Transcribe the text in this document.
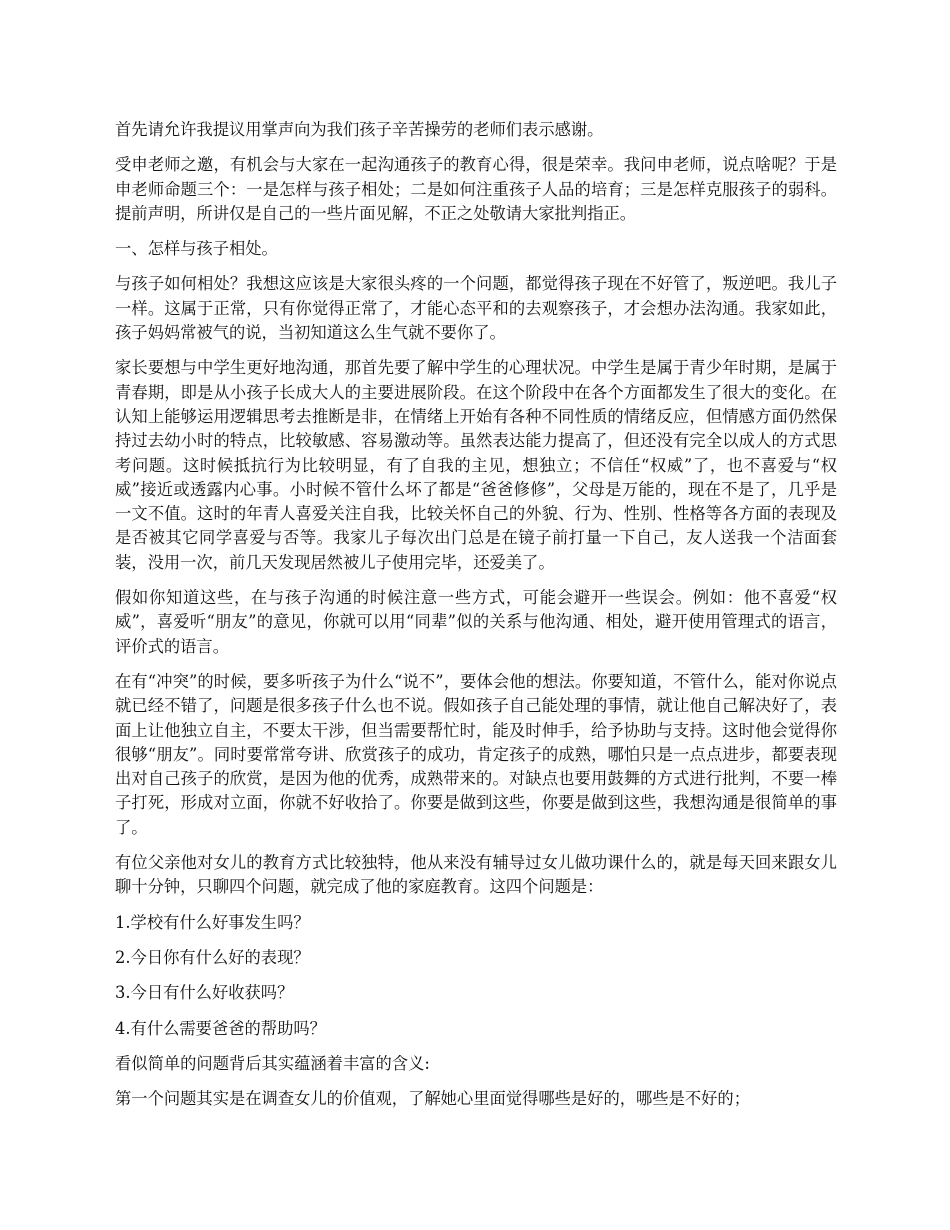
首先请允许我提议用掌声向为我们孩子辛苦操劳的老师们表示感谢。

受申老师之邀，有机会与大家在一起沟通孩子的教育心得，很是荣幸。我问申老师，说点啥呢？于是申老师命题三个：一是怎样与孩子相处；二是如何注重孩子人品的培育；三是怎样克服孩子的弱科。提前声明，所讲仅是自己的一些片面见解，不正之处敬请大家批判指正。

一、怎样与孩子相处。

与孩子如何相处？我想这应该是大家很头疼的一个问题，都觉得孩子现在不好管了，叛逆吧。我儿子一样。这属于正常，只有你觉得正常了，才能心态平和的去观察孩子，才会想办法沟通。我家如此，孩子妈妈常被气的说，当初知道这么生气就不要你了。

家长要想与中学生更好地沟通，那首先要了解中学生的心理状况。中学生是属于青少年时期，是属于青春期，即是从小孩子长成大人的主要进展阶段。在这个阶段中在各个方面都发生了很大的变化。在认知上能够运用逻辑思考去推断是非，在情绪上开始有各种不同性质的情绪反应，但情感方面仍然保持过去幼小时的特点，比较敏感、容易激动等。虽然表达能力提高了，但还没有完全以成人的方式思考问题。这时候抵抗行为比较明显，有了自我的主见，想独立；不信任“权威”了，也不喜爱与“权威”接近或透露内心事。小时候不管什么坏了都是“爸爸修修”，父母是万能的，现在不是了，几乎是一文不值。这时的年青人喜爱关注自我，比较关怀自己的外貌、行为、性别、性格等各方面的表现及是否被其它同学喜爱与否等。我家儿子每次出门总是在镜子前打量一下自己，友人送我一个洁面套装，没用一次，前几天发现居然被儿子使用完毕，还爱美了。

假如你知道这些，在与孩子沟通的时候注意一些方式，可能会避开一些误会。例如：他不喜爱“权威”，喜爱听“朋友”的意见，你就可以用“同辈”似的关系与他沟通、相处，避开使用管理式的语言，评价式的语言。

在有“冲突”的时候，要多听孩子为什么“说不”，要体会他的想法。你要知道，不管什么，能对你说点就已经不错了，问题是很多孩子什么也不说。假如孩子自己能处理的事情，就让他自己解决好了，表面上让他独立自主，不要太干涉，但当需要帮忙时，能及时伸手，给予协助与支持。这时他会觉得你很够“朋友”。同时要常常夸讲、欣赏孩子的成功，肯定孩子的成熟，哪怕只是一点点进步，都要表现出对自己孩子的欣赏，是因为他的优秀，成熟带来的。对缺点也要用鼓舞的方式进行批判，不要一棒子打死，形成对立面，你就不好收拾了。你要是做到这些，你要是做到这些，我想沟通是很简单的事了。

有位父亲他对女儿的教育方式比较独特，他从来没有辅导过女儿做功课什么的，就是每天回来跟女儿聊十分钟，只聊四个问题，就完成了他的家庭教育。这四个问题是：

1.学校有什么好事发生吗？

2.今日你有什么好的表现？

3.今日有什么好收获吗？

4.有什么需要爸爸的帮助吗？

看似简单的问题背后其实蕴涵着丰富的含义:

第一个问题其实是在调查女儿的价值观，了解她心里面觉得哪些是好的，哪些是不好的；
